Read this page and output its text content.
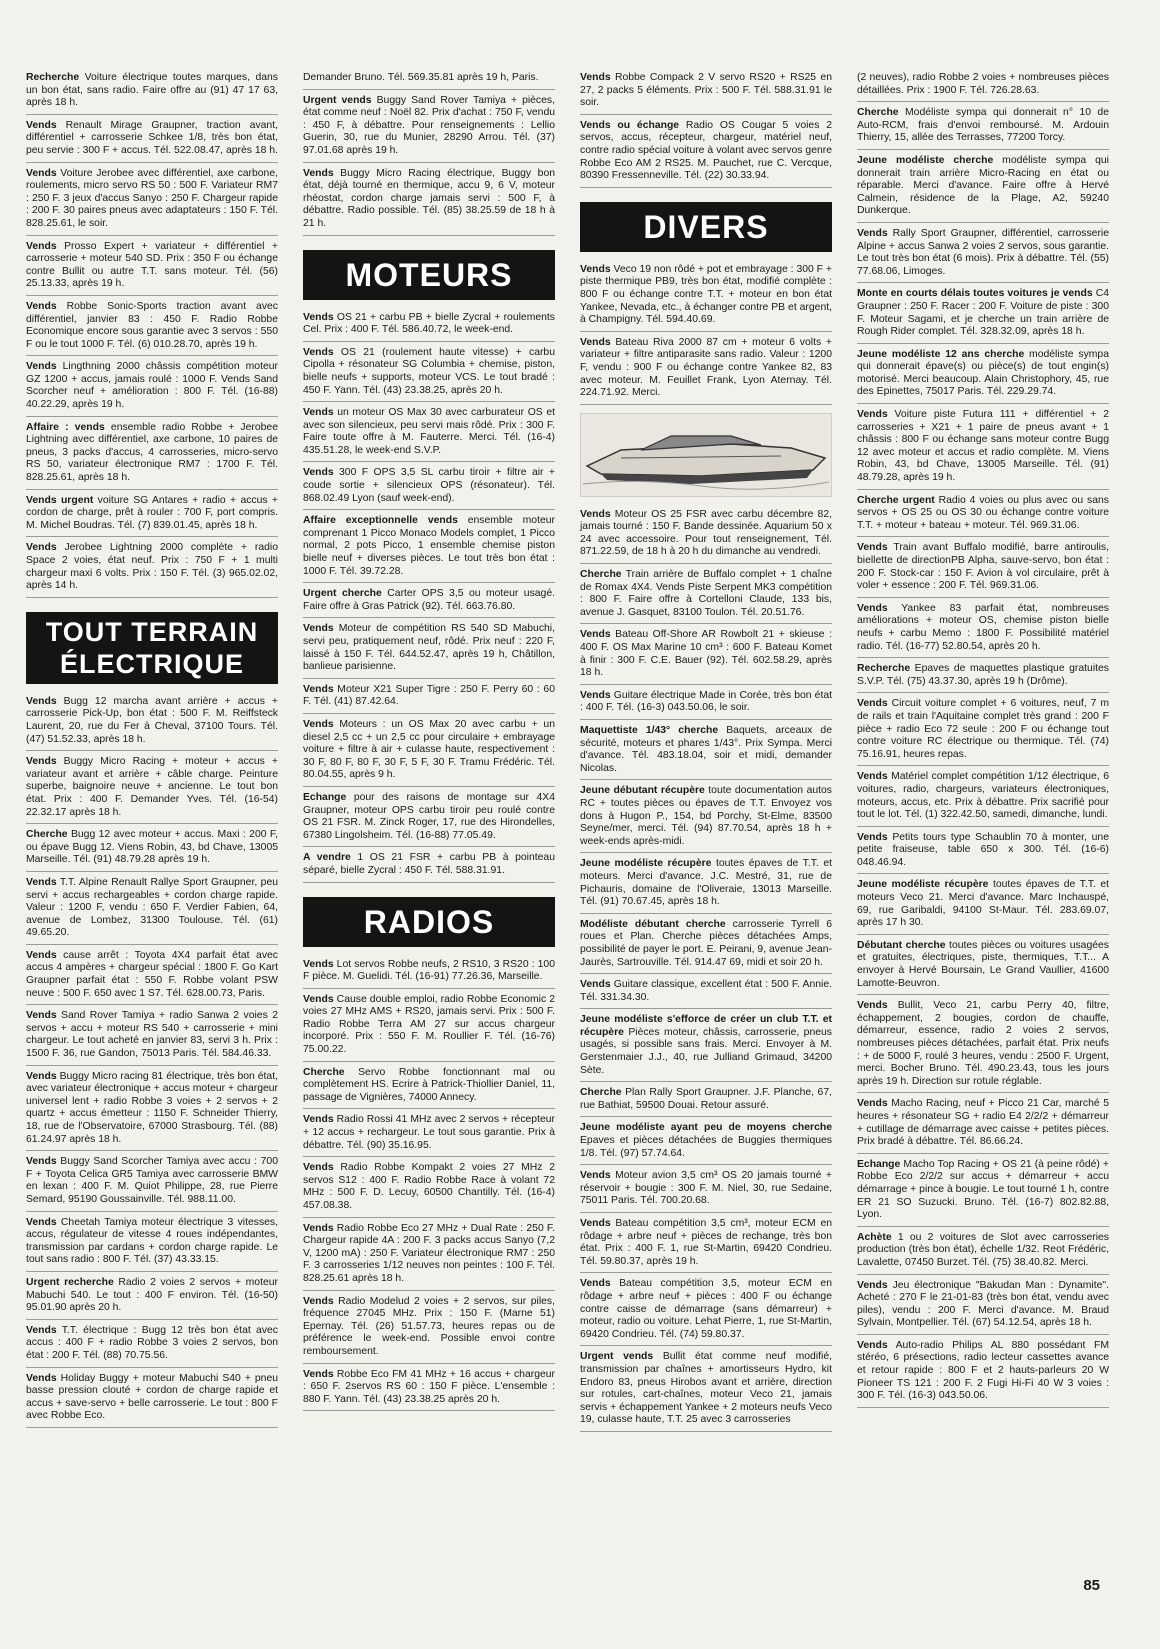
Recherche Voiture électrique toutes marques, dans un bon état, sans radio. Faire offre au (91) 47 17 63, après 18 h.

Vends Renault Mirage Graupner, traction avant, différentiel + carrosserie Schkee 1/8, très bon état, peu servie : 300 F + accus. Tél. 522.08.47, après 18 h.

Vends Voiture Jerobee avec différentiel, axe carbone, roulements, micro servo RS 50 : 500 F. Variateur RM7 : 250 F. 3 jeux d'accus Sanyo : 250 F. Chargeur rapide : 200 F. 30 paires pneus avec adaptateurs : 150 F. Tél. 828.25.61, le soir.

Vends Prosso Expert + variateur + différentiel + carrosserie + moteur 540 SD. Prix : 350 F ou échange contre Bullit ou autre T.T. sans moteur. Tél. (56) 25.13.33, après 19 h.

Vends Robbe Sonic-Sports traction avant avec différentiel, janvier 83 : 450 F. Radio Robbe Economique encore sous garantie avec 3 servos : 550 F ou le tout 1000 F. Tél. (6) 010.28.70, après 19 h.

Vends Lingthning 2000 châssis compétition moteur GZ 1200 + accus, jamais roulé : 1000 F. Vends Sand Scorcher neuf + amélioration : 800 F. Tél. (16-88) 40.22.29, après 19 h.

Affaire : vends ensemble radio Robbe + Jerobee Lightning avec différentiel, axe carbone, 10 paires de pneus, 3 packs d'accus, 4 carrosseries, micro-servo RS 50, variateur électronique RM7 : 1700 F. Tél. 828.25.61, après 18 h.

Vends urgent voiture SG Antares + radio + accus + cordon de charge, prêt à rouler : 700 F, port compris. M. Michel Boudras. Tél. (7) 839.01.45, après 18 h.

Vends Jerobee Lightning 2000 complète + radio Space 2 voies, état neuf. Prix : 750 F + 1 multi chargeur maxi 6 volts. Prix : 150 F. Tél. (3) 965.02.02, après 14 h.

TOUT TERRAIN
ÉLECTRIQUE

Vends Bugg 12 marcha avant arrière + accus + carrosserie Pick-Up, bon état : 500 F. M. Reiffsteck Laurent, 20, rue du Fer à Cheval, 37100 Tours. Tél. (47) 51.52.33, après 18 h.

Vends Buggy Micro Racing + moteur + accus + variateur avant et arrière + câble charge. Peinture superbe, baignoire neuve + ancienne. Le tout bon état. Prix : 400 F. Demander Yves. Tél. (16-54) 22.32.17 après 18 h.

Cherche Bugg 12 avec moteur + accus. Maxi : 200 F, ou épave Bugg 12. Viens Robin, 43, bd Chave, 13005 Marseille. Tél. (91) 48.79.28 après 19 h.

Vends T.T. Alpine Renault Rallye Sport Graupner, peu servi + accus rechargeables + cordon charge rapide. Valeur : 1200 F, vendu : 650 F. Verdier Fabien, 64, avenue de Lombez, 31300 Toulouse. Tél. (61) 49.65.20.

Vends cause arrêt : Toyota 4X4 parfait état avec accus 4 ampères + chargeur spécial : 1800 F. Go Kart Graupner parfait état : 550 F. Robbe volant PSW neuve : 500 F. 650 avec 1 S7. Tél. 628.00.73, Paris.

Vends Sand Rover Tamiya + radio Sanwa 2 voies 2 servos + accu + moteur RS 540 + carrosserie + mini chargeur. Le tout acheté en janvier 83, servi 3 h. Prix : 1500 F. 36, rue Gandon, 75013 Paris. Tél. 584.46.33.

Vends Buggy Micro racing 81 électrique, très bon état, avec variateur électronique + accus moteur + chargeur universel lent + radio Robbe 3 voies + 2 servos + 2 quartz + accus émetteur : 1150 F. Schneider Thierry, 18, rue de l'Observatoire, 67000 Strasbourg. Tél. (88) 61.24.97 après 18 h.

Vends Buggy Sand Scorcher Tamiya avec accu : 700 F + Toyota Celica GR5 Tamiya avec carrosserie BMW en lexan : 400 F. M. Quiot Philippe, 28, rue Pierre Semard, 95190 Goussainville. Tél. 988.11.00.

Vends Cheetah Tamiya moteur électrique 3 vitesses, accus, régulateur de vitesse 4 roues indépendantes, transmission par cardans + cordon charge rapide. Le tout sans radio : 800 F. Tél. (37) 43.33.15.

Urgent recherche Radio 2 voies 2 servos + moteur Mabuchi 540. Le tout : 400 F environ. Tél. (16-50) 95.01.90 après 20 h.

Vends T.T. électrique : Bugg 12 très bon état avec accus : 400 F + radio Robbe 3 voies 2 servos, bon état : 200 F. Tél. (88) 70.75.56.

Vends Holiday Buggy + moteur Mabuchi S40 + pneu basse pression clouté + cordon de charge rapide et accus + save-servo + belle carrosserie. Le tout : 800 F avec Robbe Eco.

Demander Bruno. Tél. 569.35.81 après 19 h, Paris.

Urgent vends Buggy Sand Rover Tamiya + pièces, état comme neuf : Noël 82. Prix d'achat : 750 F, vendu : 450 F, à débattre. Pour renseignements : Lellio Guerin, 30, rue du Munier, 28290 Arrou. Tél. (37) 97.01.68 après 19 h.

Vends Buggy Micro Racing électrique, Buggy bon état, déjà tourné en thermique, accu 9, 6 V, moteur rhéostat, cordon charge jamais servi : 500 F, à débattre. Radio possible. Tél. (85) 38.25.59 de 18 h à 21 h.

MOTEURS

Vends OS 21 + carbu PB + bielle Zycral + roulements Cel. Prix : 400 F. Tél. 586.40.72, le week-end.

Vends OS 21 (roulement haute vitesse) + carbu Cipolla + résonateur SG Columbia + chemise, piston, bielle neufs + supports, moteur VCS. Le tout bradé : 450 F. Yann. Tél. (43) 23.38.25, après 20 h.

Vends un moteur OS Max 30 avec carburateur OS et avec son silencieux, peu servi mais rôdé. Prix : 300 F. Faire toute offre à M. Fauterre. Merci. Tél. (16-4) 435.51.28, le week-end S.V.P.

Vends 300 F OPS 3,5 SL carbu tiroir + filtre air + coude sortie + silencieux OPS (résonateur). Tél. 868.02.49 Lyon (sauf week-end).

Affaire exceptionnelle vends ensemble moteur comprenant 1 Picco Monaco Models complet, 1 Picco normal, 2 pots Picco, 1 ensemble chemise piston bielle neuf + diverses pièces. Le tout très bon état : 1000 F. Tél. 39.72.28.

Urgent cherche Carter OPS 3,5 ou moteur usagé. Faire offre à Gras Patrick (92). Tél. 663.76.80.

Vends Moteur de compétition RS 540 SD Mabuchi, servi peu, pratiquement neuf, rôdé. Prix neuf : 220 F, laissé à 150 F. Tél. 644.52.47, après 19 h, Châtillon, banlieue parisienne.

Vends Moteur X21 Super Tigre : 250 F. Perry 60 : 60 F. Tél. (41) 87.42.64.

Vends Moteurs : un OS Max 20 avec carbu + un diesel 2,5 cc + un 2,5 cc pour circulaire + embrayage voiture + filtre à air + culasse haute, respectivement : 30 F, 80 F, 80 F, 30 F, 5 F, 30 F. Tramu Frédéric. Tél. 80.04.55, après 9 h.

Echange pour des raisons de montage sur 4X4 Graupner, moteur OPS carbu tiroir peu roulé contre OS 21 FSR. M. Zinck Roger, 17, rue des Hirondelles, 67380 Lingolsheim. Tél. (16-88) 77.05.49.

A vendre 1 OS 21 FSR + carbu PB à pointeau séparé, bielle Zycral : 450 F. Tél. 588.31.91.

RADIOS

Vends Lot servos Robbe neufs, 2 RS10, 3 RS20 : 100 F pièce. M. Guelidi. Tél. (16-91) 77.26.36, Marseille.

Vends Cause double emploi, radio Robbe Economic 2 voies 27 MHz AMS + RS20, jamais servi. Prix : 500 F. Radio Robbe Terra AM 27 sur accus chargeur incorporé. Prix : 550 F. M. Roullier F. Tél. (16-76) 75.00.22.

Cherche Servo Robbe fonctionnant mal ou complètement HS. Ecrire à Patrick-Thiollier Daniel, 11, passage de Vignières, 74000 Annecy.

Vends Radio Rossi 41 MHz avec 2 servos + récepteur + 12 accus + rechargeur. Le tout sous garantie. Prix à débattre. Tél. (90) 35.16.95.

Vends Radio Robbe Kompakt 2 voies 27 MHz 2 servos S12 : 400 F. Radio Robbe Race à volant 72 MHz : 500 F. D. Lecuy, 60500 Chantilly. Tél. (16-4) 457.08.38.

Vends Radio Robbe Eco 27 MHz + Dual Rate : 250 F. Chargeur rapide 4A : 200 F. 3 packs accus Sanyo (7,2 V, 1200 mA) : 250 F. Variateur électronique RM7 : 250 F. 3 carrosseries 1/12 neuves non peintes : 100 F. Tél. 828.25.61 après 18 h.

Vends Radio Modelud 2 voies + 2 servos, sur piles, fréquence 27045 MHz. Prix : 150 F. (Marne 51) Epernay. Tél. (26) 51.57.73, heures repas ou de préférence le week-end. Possible envoi contre remboursement.

Vends Robbe Eco FM 41 MHz + 16 accus + chargeur : 650 F. 2servos RS 60 : 150 F pièce. L'ensemble : 880 F. Yann. Tél. (43) 23.38.25 après 20 h.

Vends Robbe Compack 2 V servo RS20 + RS25 en 27, 2 packs 5 éléments. Prix : 500 F. Tél. 588.31.91 le soir.

Vends ou échange Radio OS Cougar 5 voies 2 servos, accus, récepteur, chargeur, matériel neuf, contre radio spécial voiture à volant avec servos genre Robbe Eco AM 2 RS25. M. Pauchet, rue C. Vercque, 80390 Fressenneville. Tél. (22) 30.33.94.

DIVERS

Vends Veco 19 non rôdé + pot et embrayage : 300 F + piste thermique PB9, très bon état, modifié complète : 800 F ou échange contre T.T. + moteur en bon état Yankee, Nevada, etc., à échanger contre PB et argent, à Champigny. Tél. 594.40.69.

Vends Bateau Riva 2000 87 cm + moteur 6 volts + variateur + filtre antiparasite sans radio. Valeur : 1200 F, vendu : 900 F ou échange contre Yankee 82, 83 avec moteur. M. Feuillet Frank, Lyon Aternay. Tél. 224.71.92. Merci.

Vends Moteur OS 25 FSR avec carbu décembre 82, jamais tourné : 150 F. Bande dessinée. Aquarium 50 x 24 avec accessoire. Pour tout renseignement, Tél. 871.22.59, de 18 h à 20 h du dimanche au vendredi.

Cherche Train arrière de Buffalo complet + 1 chaîne de Romax 4X4. Vends Piste Serpent MK3 compétition : 800 F. Faire offre à Cortelloni Claude, 133 bis, avenue J. Gasquet, 83100 Toulon. Tél. 20.51.76.

Vends Bateau Off-Shore AR Rowbolt 21 + skieuse : 400 F. OS Max Marine 10 cm³ : 600 F. Bateau Komet à finir : 300 F. C.E. Bauer (92). Tél. 602.58.29, après 18 h.

Vends Guitare électrique Made in Corée, très bon état : 400 F. Tél. (16-3) 043.50.06, le soir.

Maquettiste 1/43° cherche Baquets, arceaux de sécurité, moteurs et phares 1/43°. Prix Sympa. Merci d'avance. Tél. 483.18.04, soir et midi, demander Nicolas.

Jeune débutant récupère toute documentation autos RC + toutes pièces ou épaves de T.T. Envoyez vos dons à Hugon P., 154, bd Porchy, St-Elme, 83500 Seyne/mer, merci. Tél. (94) 87.70.54, après 18 h + week-ends après-midi.

Jeune modéliste récupère toutes épaves de T.T. et moteurs. Merci d'avance. J.C. Mestré, 31, rue de Pichauris, domaine de l'Oliveraie, 13013 Marseille. Tél. (91) 70.67.45, après 18 h.

Modéliste débutant cherche carrosserie Tyrrell 6 roues et Plan. Cherche pièces détachées Amps, possibilité de payer le port. E. Peirani, 9, avenue Jean-Jaurès, Sartrouville. Tél. 914.47 69, midi et soir 20 h.

Vends Guitare classique, excellent état : 500 F. Annie. Tél. 331.34.30.

Jeune modéliste s'efforce de créer un club T.T. et récupère Pièces moteur, châssis, carrosserie, pneus usagés, si possible sans frais. Merci. Envoyer à M. Gerstenmaier J.J., 40, rue Julliand Grimaud, 34200 Sète.

Cherche Plan Rally Sport Graupner. J.F. Planche, 67, rue Bathiat, 59500 Douai. Retour assuré.

Jeune modéliste ayant peu de moyens cherche Epaves et pièces détachées de Buggies thermiques 1/8. Tél. (97) 57.74.64.

Vends Moteur avion 3,5 cm³ OS 20 jamais tourné + réservoir + bougie : 300 F. M. Niel, 30, rue Sedaine, 75011 Paris. Tél. 700.20.68.

Vends Bateau compétition 3,5 cm³, moteur ECM en rôdage + arbre neuf + pièces de rechange, très bon état. Prix : 400 F. 1, rue St-Martin, 69420 Condrieu. Tél. 59.80.37, après 19 h.

Vends Bateau compétition 3,5, moteur ECM en rôdage + arbre neuf + pièces : 400 F ou échange contre caisse de démarrage (sans démarreur) + moteur, radio ou voiture. Lehat Pierre, 1, rue St-Martin, 69420 Condrieu. Tél. (74) 59.80.37.

Urgent vends Bullit état comme neuf modifié, transmission par chaînes + amortisseurs Hydro, kit Endoro 83, pneus Hirobos avant et arrière, direction sur rotules, cart-chaînes, moteur Veco 21, jamais servis + échappement Yankee + 2 moteurs neufs Veco 19, culasse haute, T.T. 25 avec 3 carrosseries

(2 neuves), radio Robbe 2 voies + nombreuses pièces détaillées. Prix : 1900 F. Tél. 726.28.63.

Cherche Modéliste sympa qui donnerait n° 10 de Auto-RCM, frais d'envoi remboursé. M. Ardouin Thierry, 15, allée des Terrasses, 77200 Torcy.

Jeune modéliste cherche modéliste sympa qui donnerait train arrière Micro-Racing en état ou réparable. Merci d'avance. Faire offre à Hervé Calmein, résidence de la Plage, A2, 59240 Dunkerque.

Vends Rally Sport Graupner, différentiel, carrosserie Alpine + accus Sanwa 2 voies 2 servos, sous garantie. Le tout très bon état (6 mois). Prix à débattre. Tél. (55) 77.68.06, Limoges.

Monte en courts délais toutes voitures je vends C4 Graupner : 250 F. Racer : 200 F. Voiture de piste : 300 F. Moteur Sagami, et je cherche un train arrière de Rough Rider complet. Tél. 328.32.09, après 18 h.

Jeune modéliste 12 ans cherche modéliste sympa qui donnerait épave(s) ou pièce(s) de tout engin(s) motorisé. Merci beaucoup. Alain Christophory, 45, rue des Epinettes, 75017 Paris. Tél. 229.29.74.

Vends Voiture piste Futura 111 + différentiel + 2 carrosseries + X21 + 1 paire de pneus avant + 1 châssis : 800 F ou échange sans moteur contre Bugg 12 avec moteur et accus et radio complète. M. Viens Robin, 43, bd Chave, 13005 Marseille. Tél. (91) 48.79.28, après 19 h.

Cherche urgent Radio 4 voies ou plus avec ou sans servos + OS 25 ou OS 30 ou échange contre voiture T.T. + moteur + bateau + moteur. Tél. 969.31.06.

Vends Train avant Buffalo modifié, barre antiroulis, biellette de directionPB Alpha, sauve-servo, bon état : 200 F. Stock-car : 150 F. Avion à vol circulaire, prêt à voler + essence : 200 F. Tél. 969.31.06.

Vends Yankee 83 parfait état, nombreuses améliorations + moteur OS, chemise piston bielle neufs + carbu Memo : 1800 F. Possibilité matériel radio. Tél. (16-77) 52.80.54, après 20 h.

Recherche Epaves de maquettes plastique gratuites S.V.P. Tél. (75) 43.37.30, après 19 h (Drôme).

Vends Circuit voiture complet + 6 voitures, neuf, 7 m de rails et train l'Aquitaine complet très grand : 200 F pièce + radio Eco 72 seule : 200 F ou échange tout contre voiture RC électrique ou thermique. Tél. (74) 75.16.91, heures repas.

Vends Matériel complet compétition 1/12 électrique, 6 voitures, radio, chargeurs, variateurs électroniques, moteurs, accus, etc. Prix à débattre. Prix sacrifié pour tout le lot. Tél. (1) 322.42.50, samedi, dimanche, lundi.

Vends Petits tours type Schaublin 70 à monter, une petite fraiseuse, table 650 x 300. Tél. (16-6) 048.46.94.

Jeune modéliste récupère toutes épaves de T.T. et moteurs Veco 21. Merci d'avance. Marc Inchauspé, 69, rue Garibaldi, 94100 St-Maur. Tél. 283.69.07, après 17 h 30.

Débutant cherche toutes pièces ou voitures usagées et gratuites, électriques, piste, thermiques, T.T... A envoyer à Hervé Boursain, Le Grand Vaullier, 41600 Lamotte-Beuvron.

Vends Bullit, Veco 21, carbu Perry 40, filtre, échappement, 2 bougies, cordon de chauffe, démarreur, essence, radio 2 voies 2 servos, nombreuses pièces détachées, parfait état. Prix neufs : + de 5000 F, roulé 3 heures, vendu : 2500 F. Urgent, merci. Bocher Bruno. Tél. 490.23.43, tous les jours après 19 h. Direction sur rotule réglable.

Vends Macho Racing, neuf + Picco 21 Car, marché 5 heures + résonateur SG + radio E4 2/2/2 + démarreur + cutillage de démarrage avec caisse + petites pièces. Prix bradé à débattre. Tél. 86.66.24.

Echange Macho Top Racing + OS 21 (à peine rôdé) + Robbe Eco 2/2/2 sur accus + démarreur + accu démarrage + pince à bougie. Le tout tourné 1 h, contre ER 21 SO Suzucki. Bruno. Tél. (16-7) 802.82.88, Lyon.

Achète 1 ou 2 voitures de Slot avec carrosseries production (très bon état), échelle 1/32. Reot Frédéric, Lavalette, 07450 Burzet. Tél. (75) 38.40.82. Merci.

Vends Jeu électronique "Bakudan Man : Dynamite". Acheté : 270 F le 21-01-83 (très bon état, vendu avec piles), vendu : 200 F. Merci d'avance. M. Braud Sylvain, Montpellier. Tél. (67) 54.12.54, après 18 h.

Vends Auto-radio Philips AL 880 possédant FM stéréo, 6 présections, radio lecteur cassettes avance et retour rapide : 800 F et 2 hauts-parleurs 20 W Pioneer TS 121 : 200 F. 2 Fugi Hi-Fi 40 W 3 voies : 300 F. Tél. (16-3) 043.50.06.

85
